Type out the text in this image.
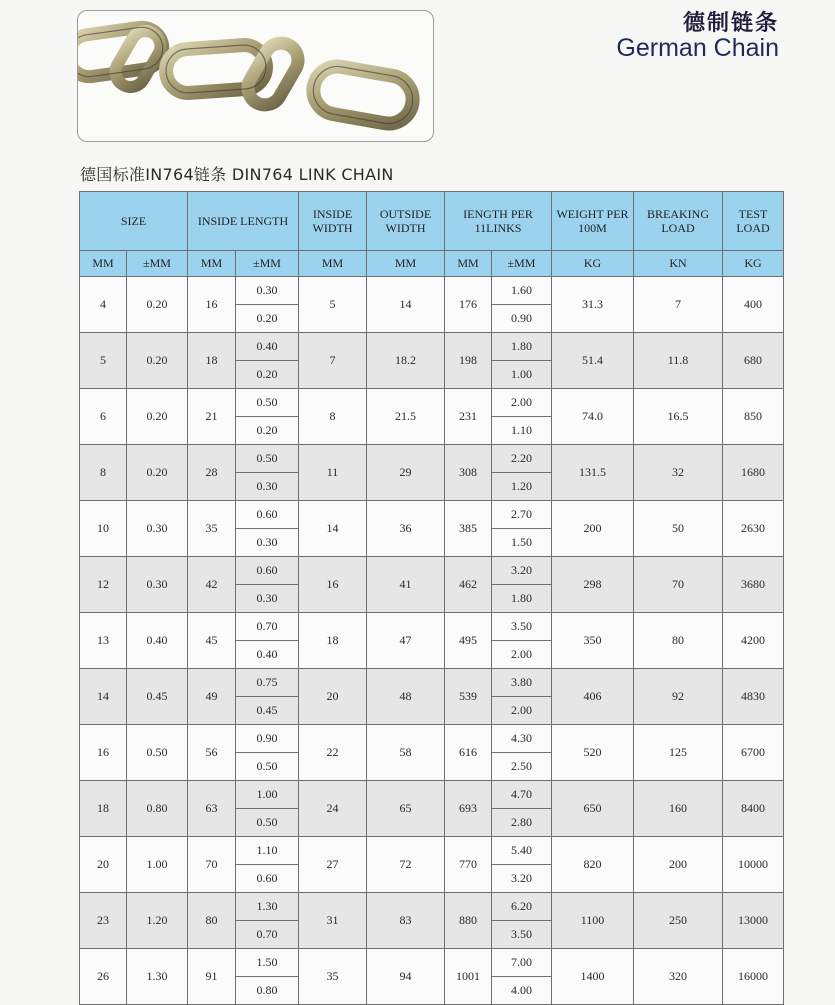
德制链条
German Chain
德国标准IN764链条 DIN764 LINK CHAIN
SIZE		INSIDE LENGTH		INSIDE WIDTH	OUTSIDE WIDTH	IENGTH PER 11LINKS		WEIGHT PER 100M	BREAKING LOAD	TEST LOAD
MM	±MM	MM	±MM	MM	MM	MM	±MM	KG	KN	KG
4	0.20	16	0.30	5	14	176	1.60	31.3	7	400
			0.20				0.90			
5	0.20	18	0.40	7	18.2	198	1.80	51.4	11.8	680
			0.20				1.00			
6	0.20	21	0.50	8	21.5	231	2.00	74.0	16.5	850
			0.20				1.10			
8	0.20	28	0.50	11	29	308	2.20	131.5	32	1680
			0.30				1.20			
10	0.30	35	0.60	14	36	385	2.70	200	50	2630
			0.30				1.50			
12	0.30	42	0.60	16	41	462	3.20	298	70	3680
			0.30				1.80			
13	0.40	45	0.70	18	47	495	3.50	350	80	4200
			0.40				2.00			
14	0.45	49	0.75	20	48	539	3.80	406	92	4830
			0.45				2.00			
16	0.50	56	0.90	22	58	616	4.30	520	125	6700
			0.50				2.50			
18	0.80	63	1.00	24	65	693	4.70	650	160	8400
			0.50				2.80			
20	1.00	70	1.10	27	72	770	5.40	820	200	10000
			0.60				3.20			
23	1.20	80	1.30	31	83	880	6.20	1100	250	13000
			0.70				3.50			
26	1.30	91	1.50	35	94	1001	7.00	1400	320	16000
			0.80				4.00			
